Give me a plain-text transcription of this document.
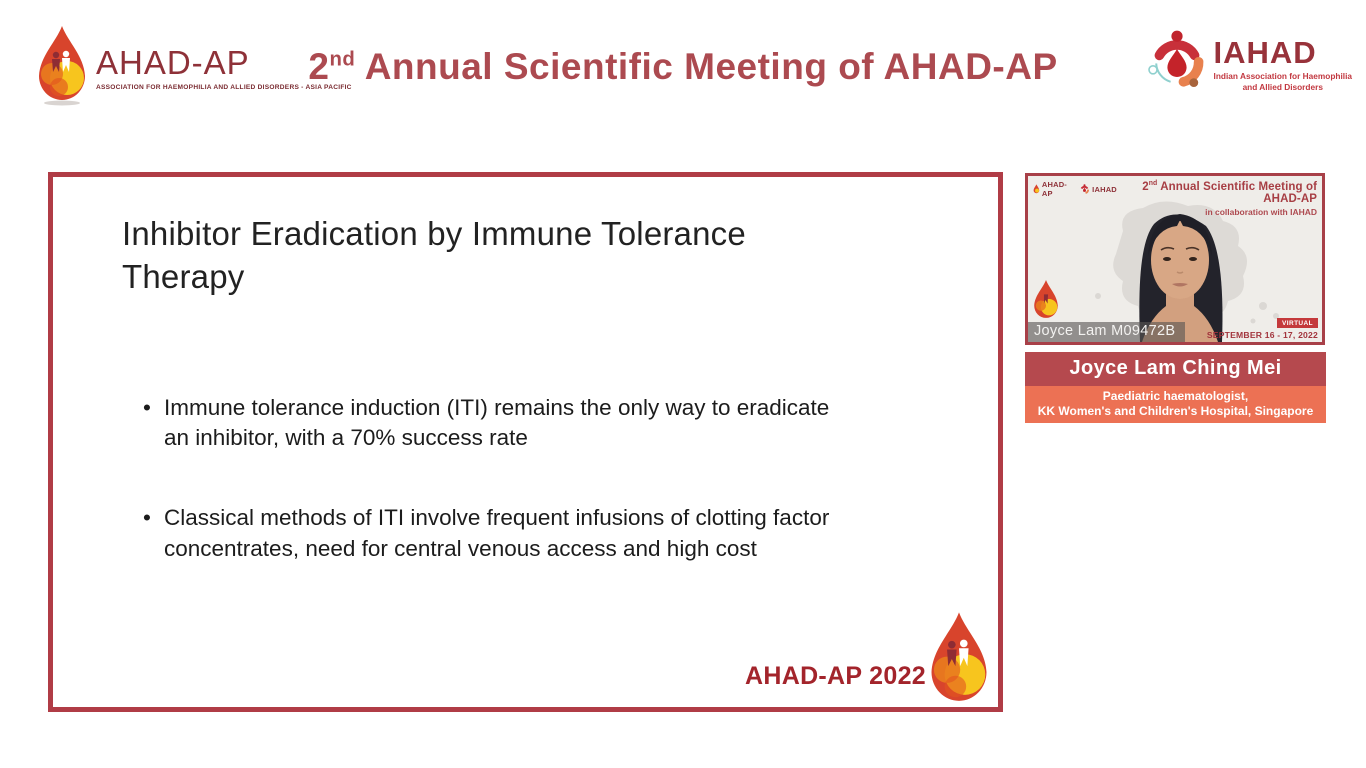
AHAD-AP
ASSOCIATION FOR HAEMOPHILIA AND ALLIED DISORDERS - ASIA PACIFIC
2nd Annual Scientific Meeting of AHAD-AP	IAHAD
Indian Association for Haemophilia
and Allied Disorders
Inhibitor Eradication by Immune Tolerance
Therapy
• Immune tolerance induction (ITI) remains the only way to eradicate
an inhibitor, with a 70% success rate
• Classical methods of ITI involve frequent infusions of clotting factor
concentrates, need for central venous access and high cost
AHAD-AP 2022
AHAD-AP	IAHAD	2nd Annual Scientific Meeting of AHAD-AP
in collaboration with IAHAD
Joyce Lam M09472B	VIRTUAL
SEPTEMBER 16 - 17, 2022
Joyce Lam Ching Mei
Paediatric haematologist,
KK Women's and Children's Hospital, Singapore
